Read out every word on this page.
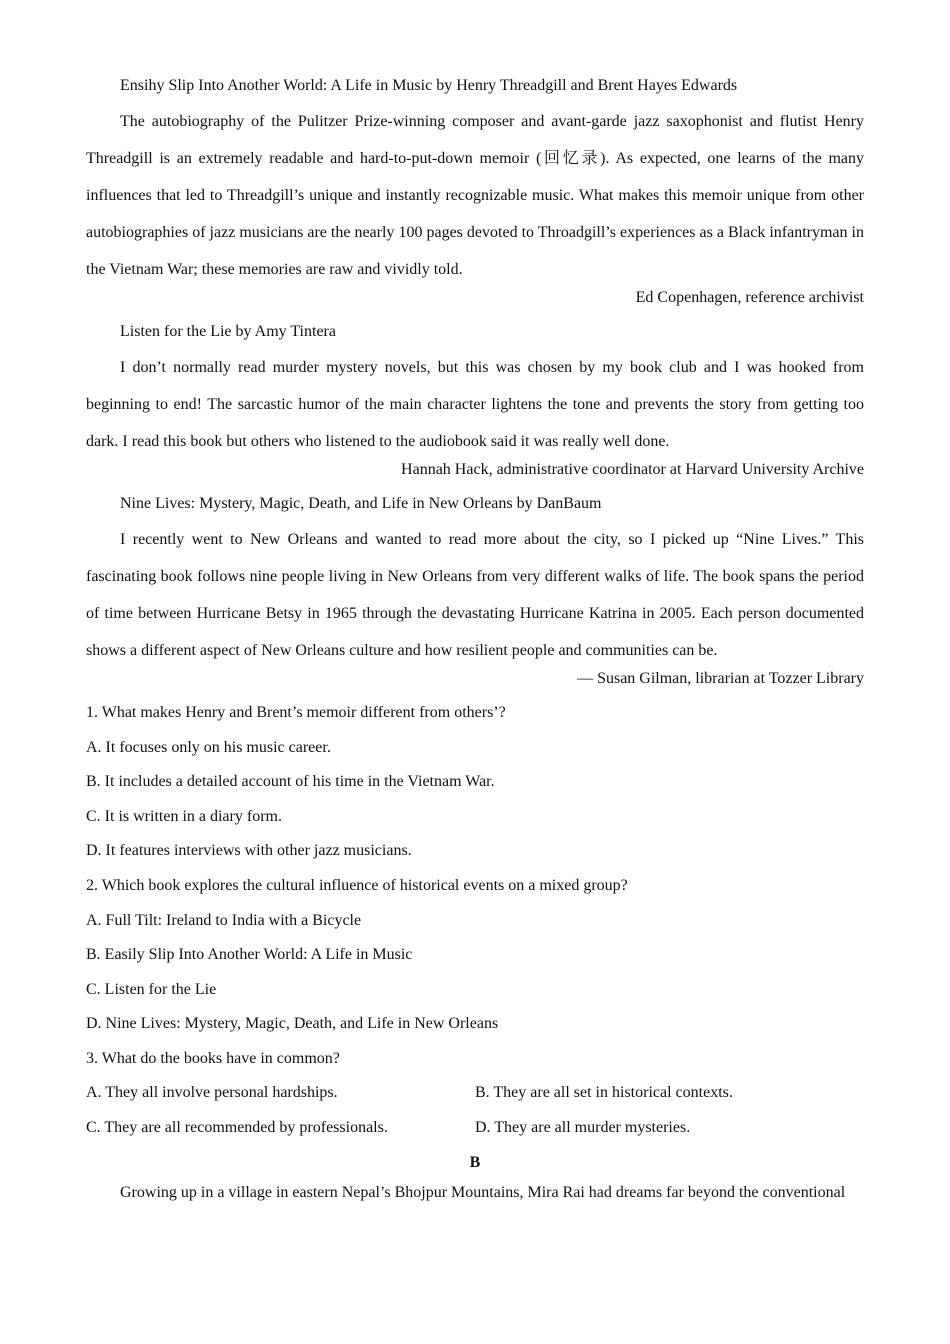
Ensihy Slip Into Another World: A Life in Music by Henry Threadgill and Brent Hayes Edwards
The autobiography of the Pulitzer Prize-winning composer and avant-garde jazz saxophonist and flutist Henry Threadgill is an extremely readable and hard-to-put-down memoir (回忆录). As expected, one learns of the many influences that led to Threadgill’s unique and instantly recognizable music. What makes this memoir unique from other autobiographies of jazz musicians are the nearly 100 pages devoted to Throadgill’s experiences as a Black infantryman in the Vietnam War; these memories are raw and vividly told.
Ed Copenhagen, reference archivist
Listen for the Lie by Amy Tintera
I don’t normally read murder mystery novels, but this was chosen by my book club and I was hooked from beginning to end! The sarcastic humor of the main character lightens the tone and prevents the story from getting too dark. I read this book but others who listened to the audiobook said it was really well done.
Hannah Hack, administrative coordinator at Harvard University Archive
Nine Lives: Mystery, Magic, Death, and Life in New Orleans by DanBaum
I recently went to New Orleans and wanted to read more about the city, so I picked up “Nine Lives.” This fascinating book follows nine people living in New Orleans from very different walks of life. The book spans the period of time between Hurricane Betsy in 1965 through the devastating Hurricane Katrina in 2005. Each person documented shows a different aspect of New Orleans culture and how resilient people and communities can be.
— Susan Gilman, librarian at Tozzer Library
1. What makes Henry and Brent’s memoir different from others’?
A. It focuses only on his music career.
B. It includes a detailed account of his time in the Vietnam War.
C. It is written in a diary form.
D. It features interviews with other jazz musicians.
2. Which book explores the cultural influence of historical events on a mixed group?
A. Full Tilt: Ireland to India with a Bicycle
B. Easily Slip Into Another World: A Life in Music
C. Listen for the Lie
D. Nine Lives: Mystery, Magic, Death, and Life in New Orleans
3. What do the books have in common?
A. They all involve personal hardships.	B. They are all set in historical contexts.
C. They are all recommended by professionals.	D. They are all murder mysteries.
B
Growing up in a village in eastern Nepal’s Bhojpur Mountains, Mira Rai had dreams far beyond the conventional
